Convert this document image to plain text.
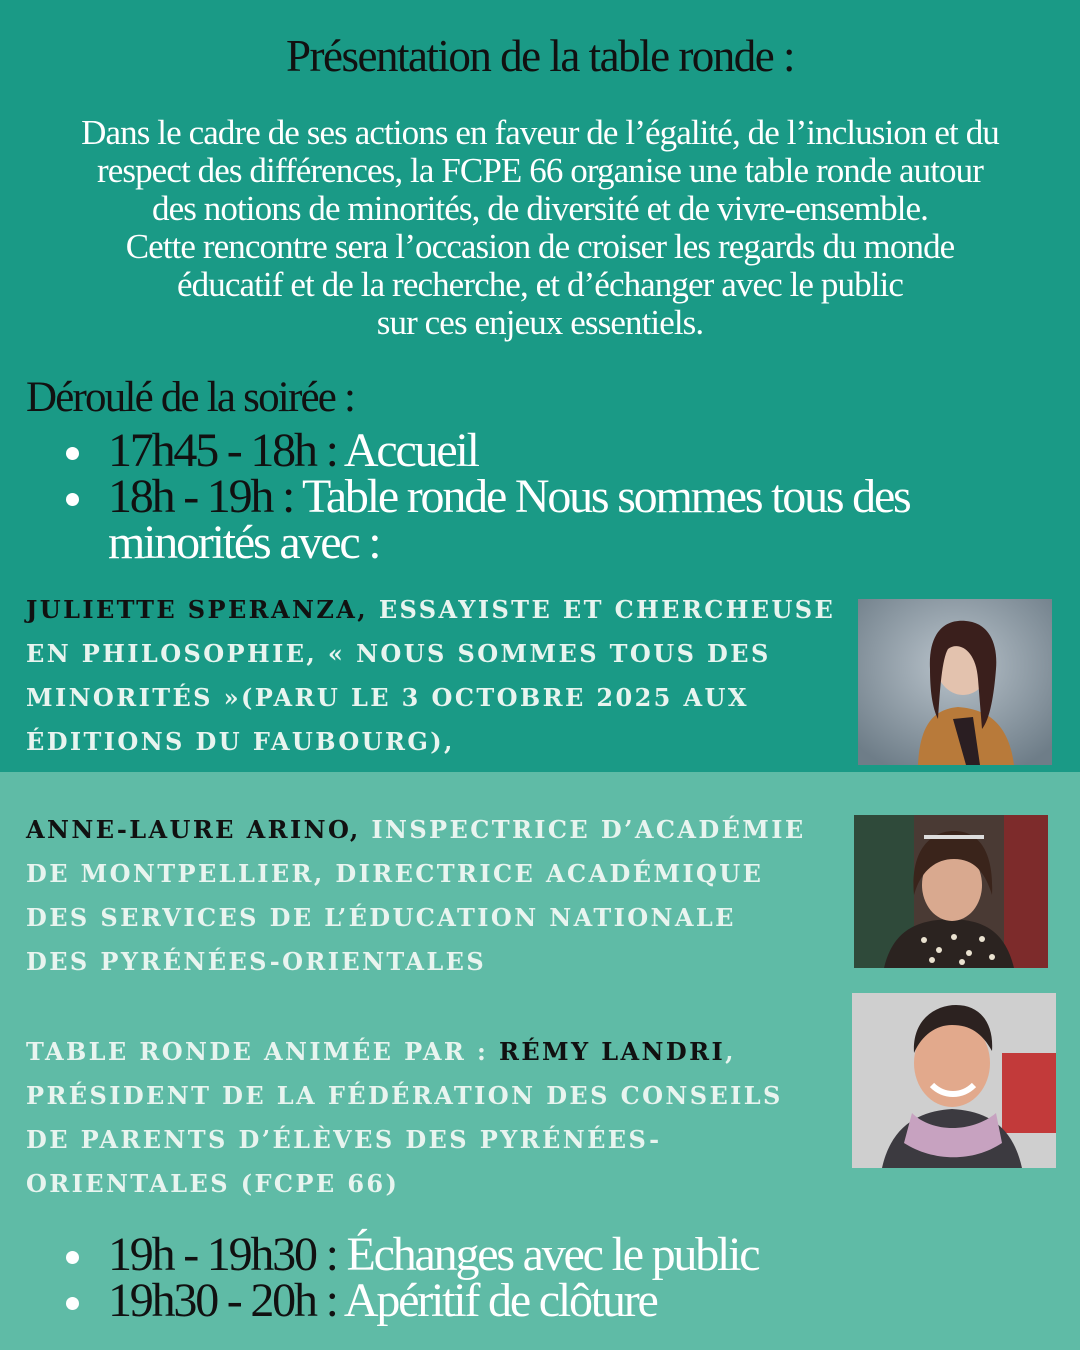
Présentation de la table ronde :
Dans le cadre de ses actions en faveur de l’égalité, de l’inclusion et du
respect des différences, la FCPE 66 organise une table ronde autour
des notions de minorités, de diversité et de vivre-ensemble.
Cette rencontre sera l’occasion de croiser les regards du monde
éducatif et de la recherche, et d’échanger avec le public
sur ces enjeux essentiels.
Déroulé de la soirée :
17h45 - 18h : Accueil
18h - 19h : Table ronde Nous sommes tous des
minorités avec :
JULIETTE SPERANZA, ESSAYISTE ET CHERCHEUSE
EN PHILOSOPHIE, « NOUS SOMMES TOUS DES
MINORITÉS »(PARU LE 3 OCTOBRE 2025 AUX
ÉDITIONS DU FAUBOURG),
ANNE-LAURE ARINO, INSPECTRICE D’ACADÉMIE
DE MONTPELLIER, DIRECTRICE ACADÉMIQUE
DES SERVICES DE L’ÉDUCATION NATIONALE
DES PYRÉNÉES-ORIENTALES
TABLE RONDE ANIMÉE PAR : RÉMY LANDRI,
PRÉSIDENT DE LA FÉDÉRATION DES CONSEILS
DE PARENTS D’ÉLÈVES DES PYRÉNÉES-
ORIENTALES (FCPE 66)
19h - 19h30 : Échanges avec le public
19h30 - 20h : Apéritif de clôture
